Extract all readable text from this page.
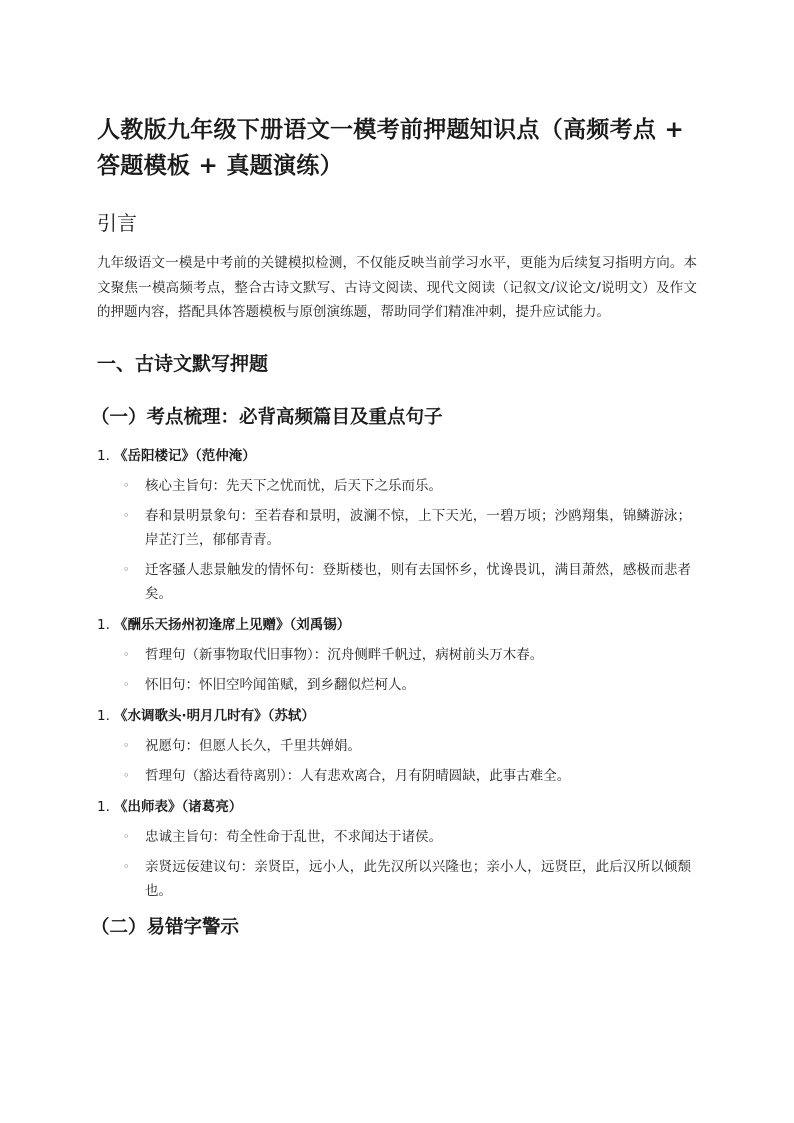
人教版九年级下册语文一模考前押题知识点（高频考点 + 答题模板 + 真题演练）
引言

九年级语文一模是中考前的关键模拟检测，不仅能反映当前学习水平，更能为后续复习指明方向。本文聚焦一模高频考点，整合古诗文默写、古诗文阅读、现代文阅读（记叙文/议论文/说明文）及作文的押题内容，搭配具体答题模板与原创演练题，帮助同学们精准冲刺，提升应试能力。

一、古诗文默写押题
（一）考点梳理：必背高频篇目及重点句子
1. 《岳阳楼记》（范仲淹）
◦	核心主旨句：先天下之忧而忧，后天下之乐而乐。
◦	春和景明景象句：至若春和景明，波澜不惊，上下天光，一碧万顷；沙鸥翔集，锦鳞游泳；岸芷汀兰，郁郁青青。
◦	迁客骚人悲景触发的情怀句：登斯楼也，则有去国怀乡，忧谗畏讥，满目萧然，感极而悲者矣。
1. 《酬乐天扬州初逢席上见赠》（刘禹锡）
◦	哲理句（新事物取代旧事物）：沉舟侧畔千帆过，病树前头万木春。
◦	怀旧句：怀旧空吟闻笛赋，到乡翻似烂柯人。
1. 《水调歌头·明月几时有》（苏轼）
◦	祝愿句：但愿人长久，千里共婵娟。
◦	哲理句（豁达看待离别）：人有悲欢离合，月有阴晴圆缺，此事古难全。
1. 《出师表》（诸葛亮）
◦	忠诚主旨句：苟全性命于乱世，不求闻达于诸侯。
◦	亲贤远佞建议句：亲贤臣，远小人，此先汉所以兴隆也；亲小人，远贤臣，此后汉所以倾颓也。
（二）易错字警示
